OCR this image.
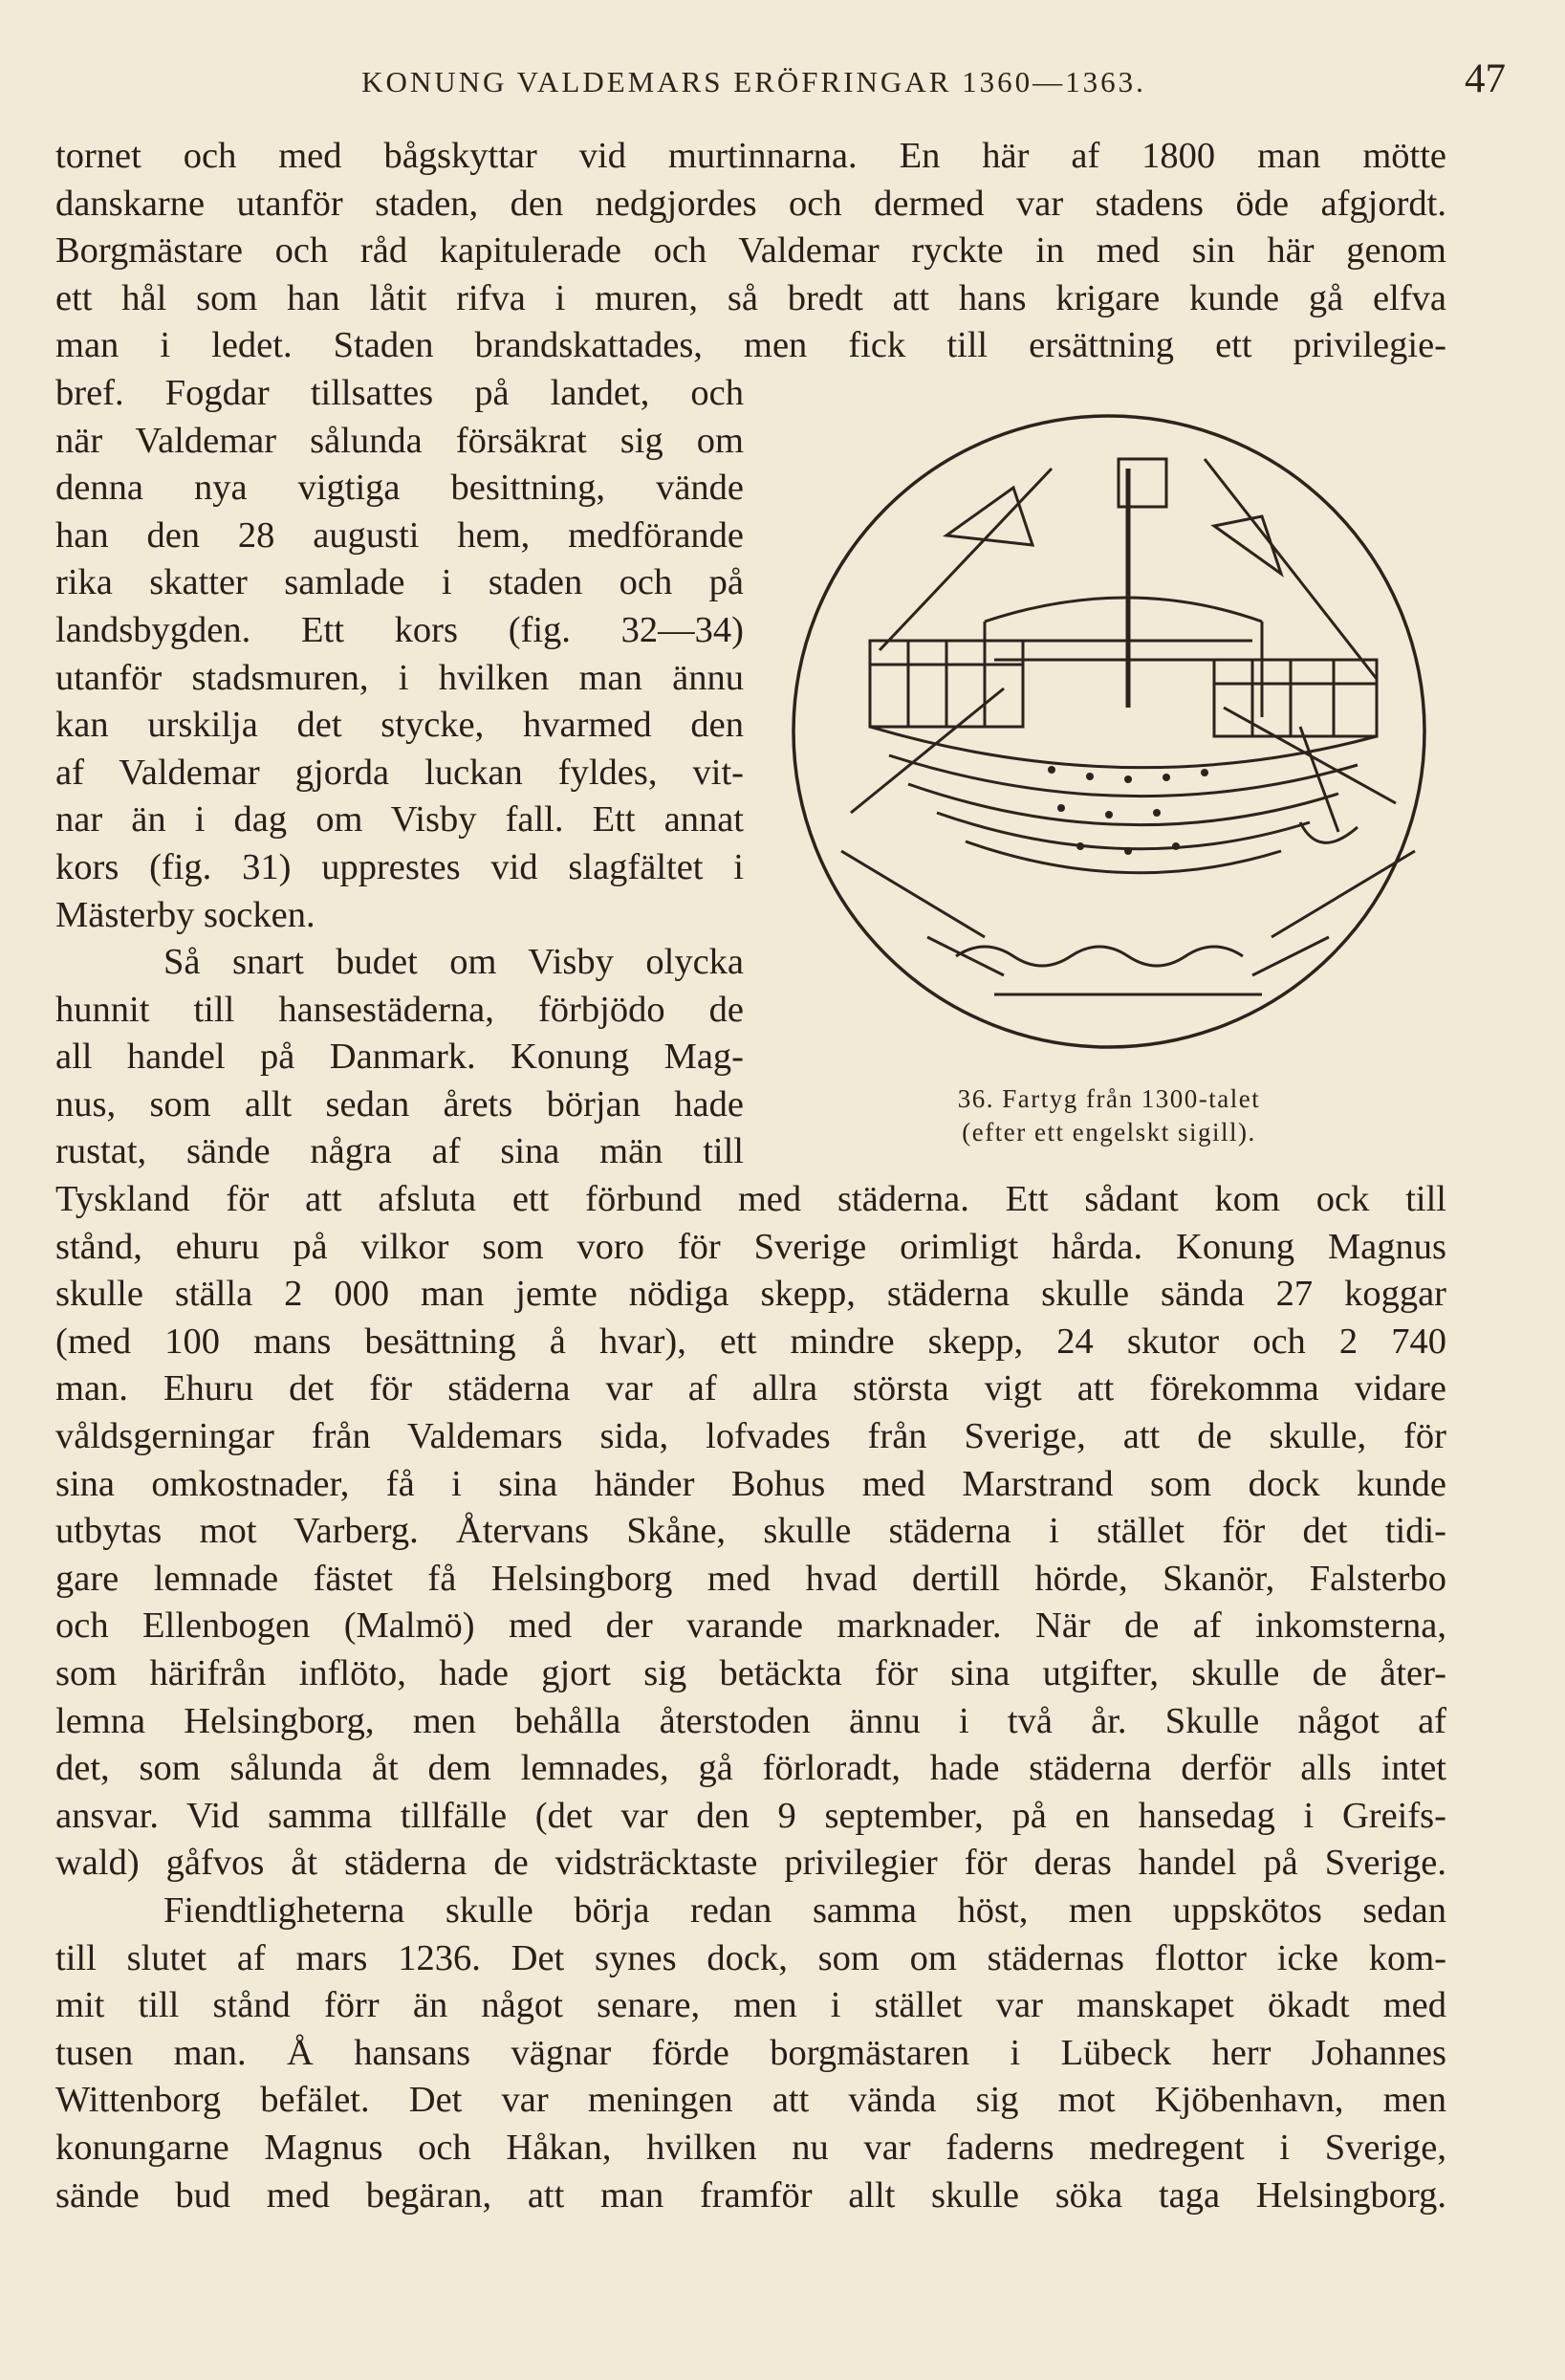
KONUNG VALDEMARS ERÖFRINGAR 1360—1363.	47
tornet och med bågskyttar vid murtinnarna. En här af 1800 man mötte
danskarne utanför staden, den nedgjordes och dermed var stadens öde afgjordt.
Borgmästare och råd kapitulerade och Valdemar ryckte in med sin här genom
ett hål som han låtit rifva i muren, så bredt att hans krigare kunde gå elfva
man i ledet. Staden brandskattades, men fick till ersättning ett privilegie-
bref. Fogdar tillsattes på landet, och
när Valdemar sålunda försäkrat sig om
denna nya vigtiga besittning, vände
han den 28 augusti hem, medförande
rika skatter samlade i staden och på
landsbygden. Ett kors (fig. 32—34)
utanför stadsmuren, i hvilken man ännu
kan urskilja det stycke, hvarmed den
af Valdemar gjorda luckan fyldes, vit-
nar än i dag om Visby fall. Ett annat
kors (fig. 31) upprestes vid slagfältet i
Mästerby socken.
Så snart budet om Visby olycka
hunnit till hansestäderna, förbjödo de
all handel på Danmark. Konung Mag-
nus, som allt sedan årets början hade
rustat, sände några af sina män till
Tyskland för att afsluta ett förbund med städerna. Ett sådant kom ock till
stånd, ehuru på vilkor som voro för Sverige orimligt hårda. Konung Magnus
skulle ställa 2 000 man jemte nödiga skepp, städerna skulle sända 27 koggar
(med 100 mans besättning å hvar), ett mindre skepp, 24 skutor och 2 740
man. Ehuru det för städerna var af allra största vigt att förekomma vidare
våldsgerningar från Valdemars sida, lofvades från Sverige, att de skulle, för
sina omkostnader, få i sina händer Bohus med Marstrand som dock kunde
utbytas mot Varberg. Återvans Skåne, skulle städerna i stället för det tidi-
gare lemnade fästet få Helsingborg med hvad dertill hörde, Skanör, Falsterbo
och Ellenbogen (Malmö) med der varande marknader. När de af inkomsterna,
som härifrån inflöto, hade gjort sig betäckta för sina utgifter, skulle de åter-
lemna Helsingborg, men behålla återstoden ännu i två år. Skulle något af
det, som sålunda åt dem lemnades, gå förloradt, hade städerna derför alls intet
ansvar. Vid samma tillfälle (det var den 9 september, på en hansedag i Greifs-
wald) gåfvos åt städerna de vidsträcktaste privilegier för deras handel på Sverige.
Fiendtligheterna skulle börja redan samma höst, men uppskötos sedan
till slutet af mars 1236. Det synes dock, som om städernas flottor icke kom-
mit till stånd förr än något senare, men i stället var manskapet ökadt med
tusen man. Å hansans vägnar förde borgmästaren i Lübeck herr Johannes
Wittenborg befälet. Det var meningen att vända sig mot Kjöbenhavn, men
konungarne Magnus och Håkan, hvilken nu var faderns medregent i Sverige,
sände bud med begäran, att man framför allt skulle söka taga Helsingborg.
36. Fartyg från 1300-talet
(efter ett engelskt sigill).
